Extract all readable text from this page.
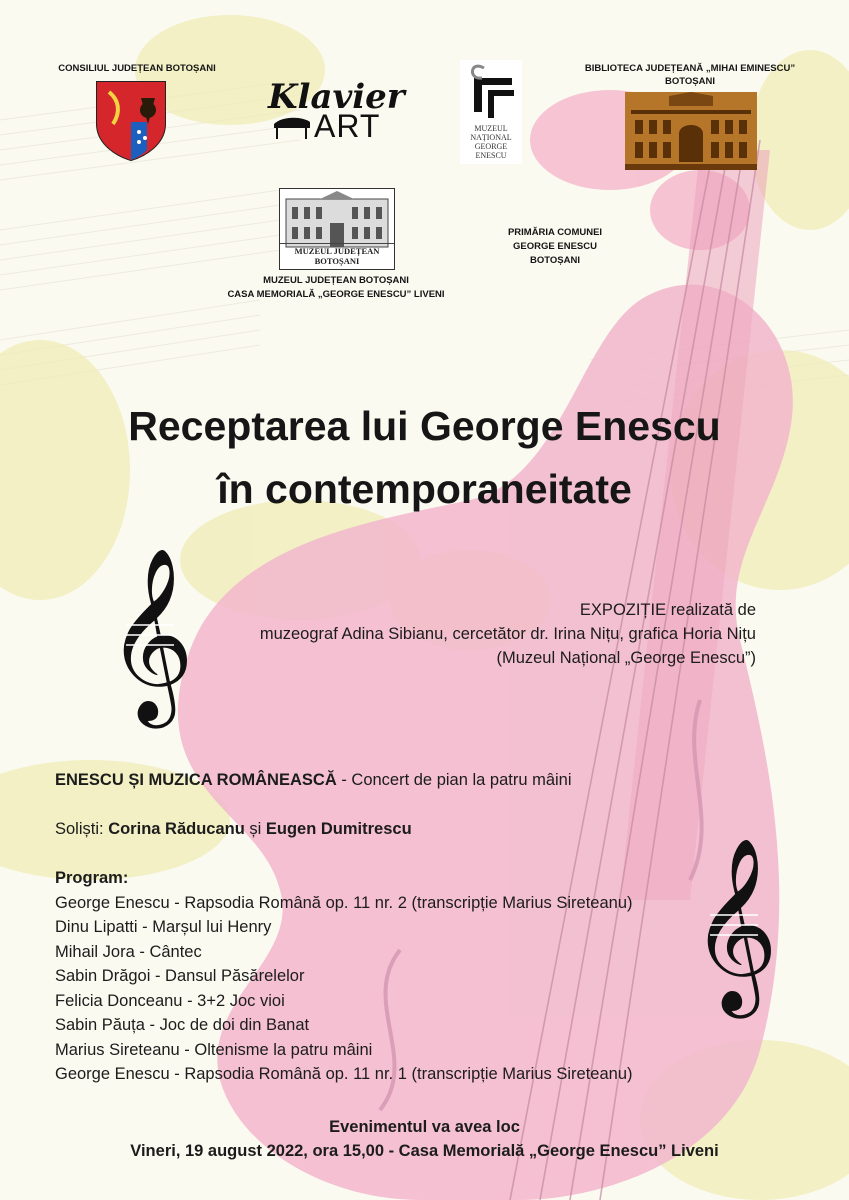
CONSILIUL JUDEȚEAN BOTOȘANI
Klavier
ART	MUZEUL NAȚIONAL GEORGE ENESCU
BIBLIOTECA JUDEȚEANĂ „MIHAI EMINESCU”
BOTOȘANI
MUZEUL JUDEȚEAN BOTOȘANI
MUZEUL JUDEȚEAN BOTOȘANI
CASA MEMORIALĂ „GEORGE ENESCU” LIVENI
PRIMĂRIA COMUNEI
GEORGE ENESCU
BOTOȘANI
Receptarea lui George Enescu
în contemporaneitate
𝄞
𝄞
EXPOZIȚIE realizată de
muzeograf Adina Sibianu, cercetător dr. Irina Nițu, grafica Horia Nițu
(Muzeul Național „George Enescu”)
ENESCU ȘI MUZICA ROMÂNEASCĂ - Concert de pian la patru mâini
Soliști: Corina Răducanu și Eugen Dumitrescu
Program:
George Enescu - Rapsodia Română op. 11 nr. 2 (transcripție Marius Sireteanu)
Dinu Lipatti - Marșul lui Henry
Mihail Jora - Cântec
Sabin Drăgoi - Dansul Păsărelelor
Felicia Donceanu - 3+2 Joc vioi
Sabin Păuța - Joc de doi din Banat
Marius Sireteanu - Oltenisme la patru mâini
George Enescu - Rapsodia Română op. 11 nr. 1 (transcripție Marius Sireteanu)
Evenimentul va avea loc
Vineri, 19 august 2022, ora 15,00 - Casa Memorială „George Enescu” Liveni
